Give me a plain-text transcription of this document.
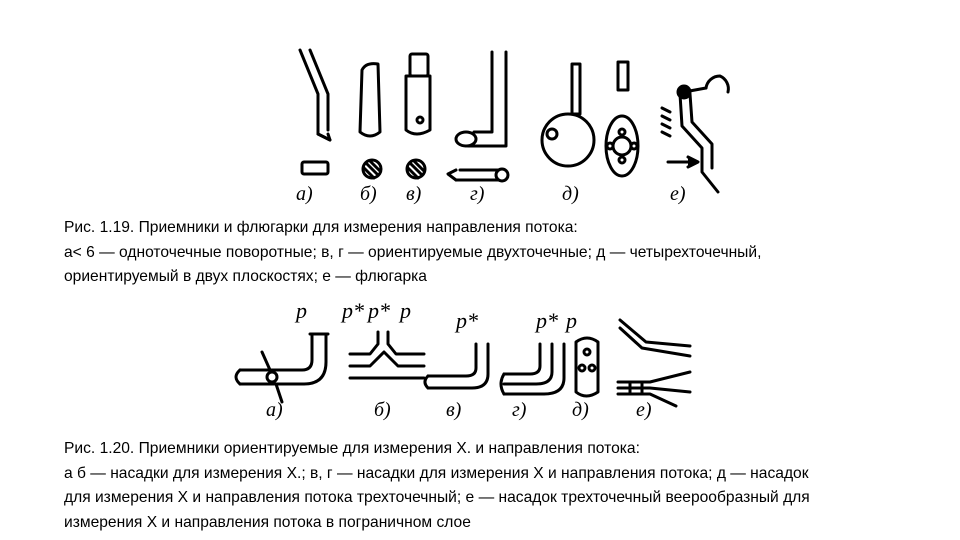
а) б) в) г)	д)	е)
Рис. 1.19. Приемники и флюгарки для измерения направления потока:
а< 6 — одноточечные поворотные; в, г — ориентируемые двухточечные; д — четырехточечный,
ориентируемый в двух плоскостях; е — флюгарка
p p* p* p p*	p* p
а)	б)	в)	г) д) е)
Рис. 1.20. Приемники ориентируемые для измерения X. и направления потока:
а б — насадки для измерения X.; в, г — насадки для измерения X и направления потока; д — насадок
для измерения X и направления потока трехточечный; е — насадок трехточечный веерообразный для
измерения X и направления потока в пограничном слое
